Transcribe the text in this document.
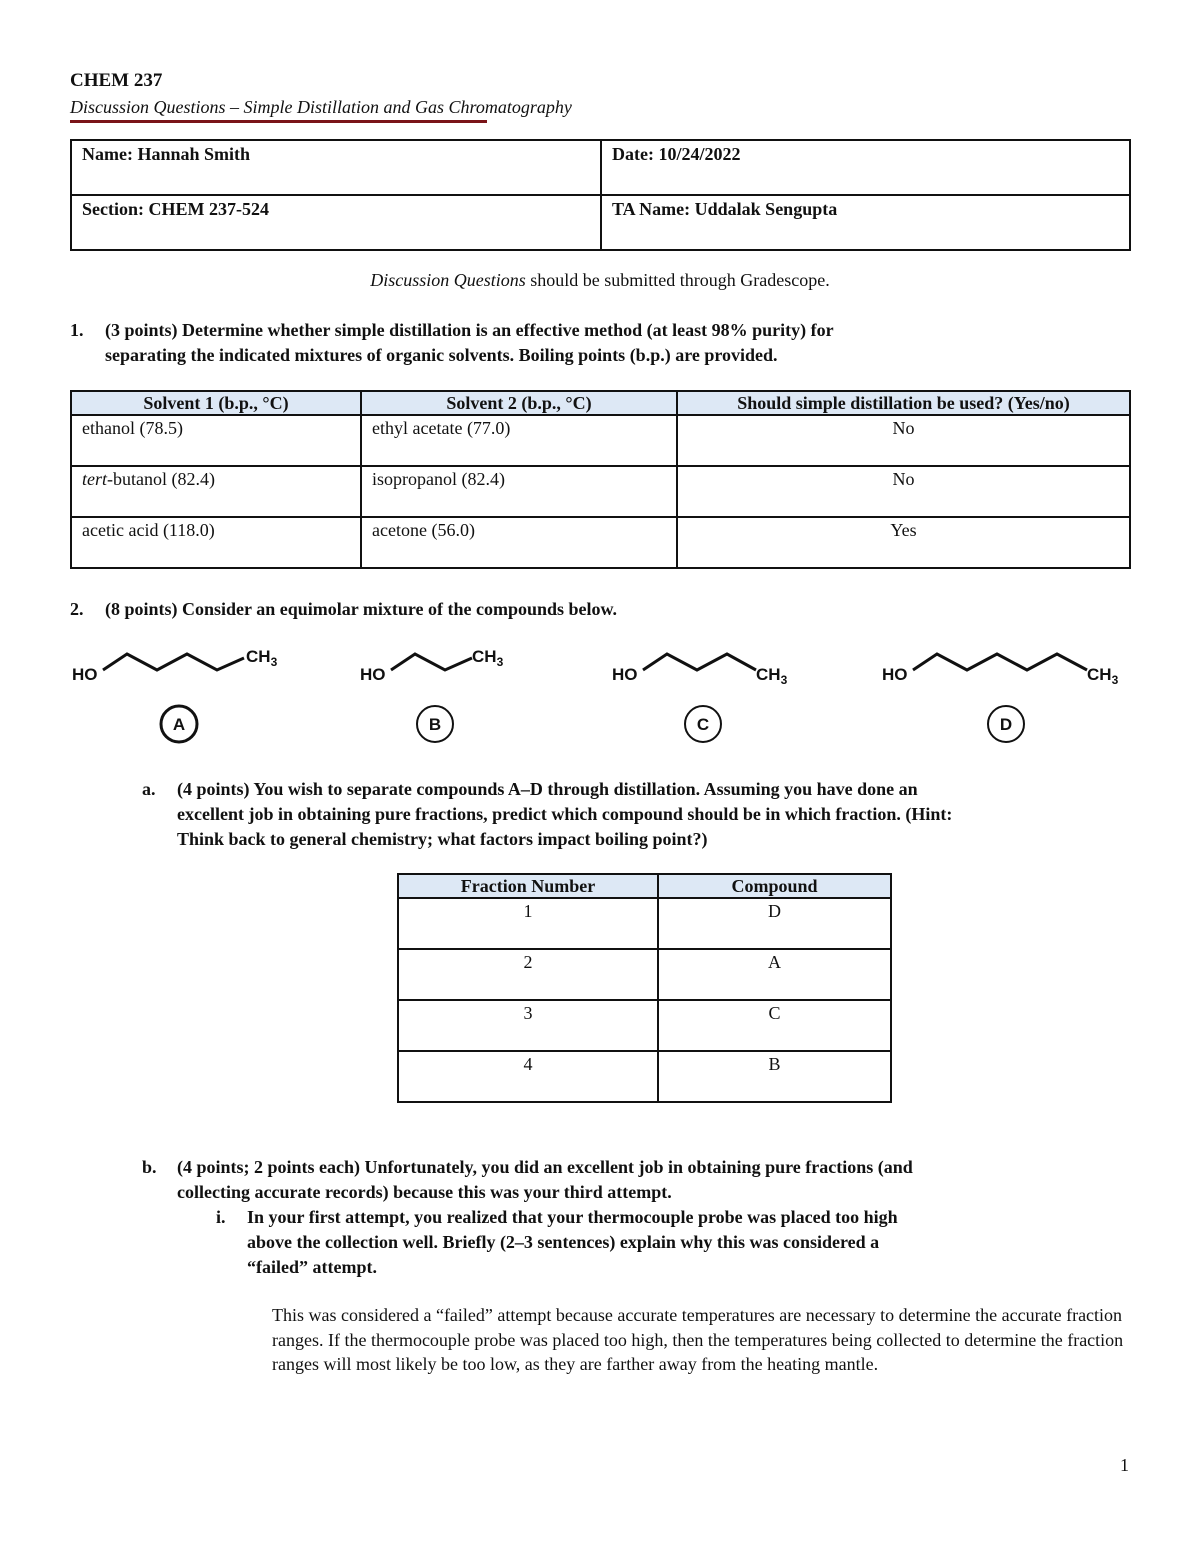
CHEM 237
Discussion Questions – Simple Distillation and Gas Chromatography
Name: Hannah Smith	Date: 10/24/2022
Section: CHEM 237-524	TA Name: Uddalak Sengupta
Discussion Questions should be submitted through Gradescope.
1. (3 points) Determine whether simple distillation is an effective method (at least 98% purity) for
separating the indicated mixtures of organic solvents. Boiling points (b.p.) are provided.
Solvent 1 (b.p., °C)	Solvent 2 (b.p., °C)	Should simple distillation be used? (Yes/no)
ethanol (78.5)	ethyl acetate (77.0)	No
tert-butanol (82.4)	isopropanol (82.4)	No
acetic acid (118.0)	acetone (56.0)	Yes
2. (8 points) Consider an equimolar mixture of the compounds below.
HO
$CH_3$
A
HO
$CH_3$
B
HO	$CH_3$
C
HO	$CH_3$
D
a. (4 points) You wish to separate compounds A–D through distillation. Assuming you have done an
excellent job in obtaining pure fractions, predict which compound should be in which fraction. (Hint:
Think back to general chemistry; what factors impact boiling point?)
Fraction Number	Compound
1	D
2	A
3	C
4	B
b. (4 points; 2 points each) Unfortunately, you did an excellent job in obtaining pure fractions (and
collecting accurate records) because this was your third attempt.
i. In your first attempt, you realized that your thermocouple probe was placed too high
above the collection well. Briefly (2–3 sentences) explain why this was considered a
“failed” attempt.
This was considered a “failed” attempt because accurate temperatures are necessary to determine the accurate fraction ranges. If the thermocouple probe was placed too high, then the temperatures being collected to determine the fraction ranges will most likely be too low, as they are farther away from the heating mantle.
1
